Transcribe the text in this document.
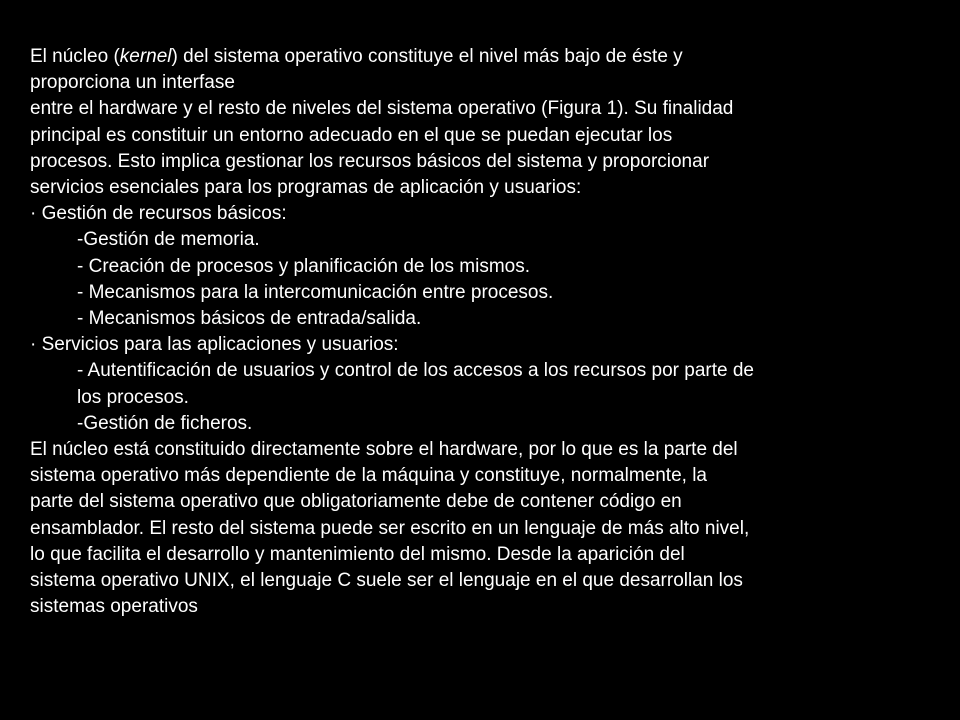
El núcleo (kernel) del sistema operativo constituye el nivel más bajo de éste y
proporciona un interfase
entre el hardware y el resto de niveles del sistema operativo (Figura 1). Su finalidad
principal es constituir un entorno adecuado en el que se puedan ejecutar los
procesos. Esto implica gestionar los recursos básicos del sistema y proporcionar
servicios esenciales para los programas de aplicación y usuarios:
· Gestión de recursos básicos:
-Gestión de memoria.
- Creación de procesos y planificación de los mismos.
- Mecanismos para la intercomunicación entre procesos.
- Mecanismos básicos de entrada/salida.
· Servicios para las aplicaciones y usuarios:
- Autentificación de usuarios y control de los accesos a los recursos por parte de
los procesos.
-Gestión de ficheros.
El núcleo está constituido directamente sobre el hardware, por lo que es la parte del
sistema operativo más dependiente de la máquina y constituye, normalmente, la
parte del sistema operativo que obligatoriamente debe de contener código en
ensamblador. El resto del sistema puede ser escrito en un lenguaje de más alto nivel,
lo que facilita el desarrollo y mantenimiento del mismo. Desde la aparición del
sistema operativo UNIX, el lenguaje C suele ser el lenguaje en el que desarrollan los
sistemas operativos
